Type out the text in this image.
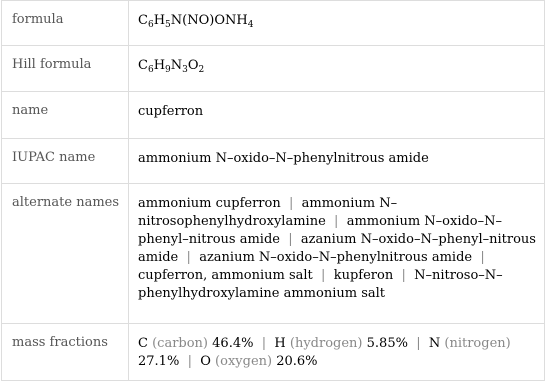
formula	$C_6H_5N(NO)ONH_4$
Hill formula	$C_6H_9N_3O_2$
name	cupferron
IUPAC name	ammonium N–oxido–N–phenylnitrous amide
alternate names	ammonium cupferron | ammonium N–nitrosophenylhydroxylamine | ammonium N–oxido–N–phenyl–nitrous amide | azanium N–oxido–N–phenyl–nitrous amide | azanium N–oxido–N–phenylnitrous amide |  cupferron, ammonium salt | kupferon | N–nitroso–N–phenylhydroxylamine ammonium salt
mass fractions	C (carbon) 46.4% | H (hydrogen) 5.85% | N (nitrogen) 27.1% | O (oxygen) 20.6%
